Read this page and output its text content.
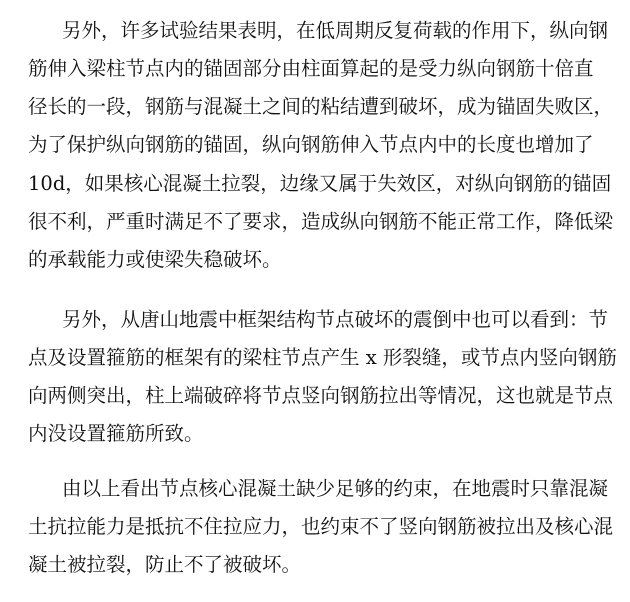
另外，许多试验结果表明，在低周期反复荷载的作用下，纵向钢
筋伸入梁柱节点内的锚固部分由柱面算起的是受力纵向钢筋十倍直
径长的一段，钢筋与混凝土之间的粘结遭到破坏，成为锚固失败区，
为了保护纵向钢筋的锚固，纵向钢筋伸入节点内中的长度也增加了
10d，如果核心混凝土拉裂，边缘又属于失效区，对纵向钢筋的锚固
很不利，严重时满足不了要求，造成纵向钢筋不能正常工作，降低梁
的承载能力或使梁失稳破坏。
另外，从唐山地震中框架结构节点破坏的震倒中也可以看到：节
点及设置箍筋的框架有的梁柱节点产生 x 形裂缝，或节点内竖向钢筋
向两侧突出，柱上端破碎将节点竖向钢筋拉出等情况，这也就是节点
内没设置箍筋所致。
由以上看出节点核心混凝土缺少足够的约束，在地震时只靠混凝
土抗拉能力是抵抗不住拉应力，也约束不了竖向钢筋被拉出及核心混
凝土被拉裂，防止不了被破坏。
